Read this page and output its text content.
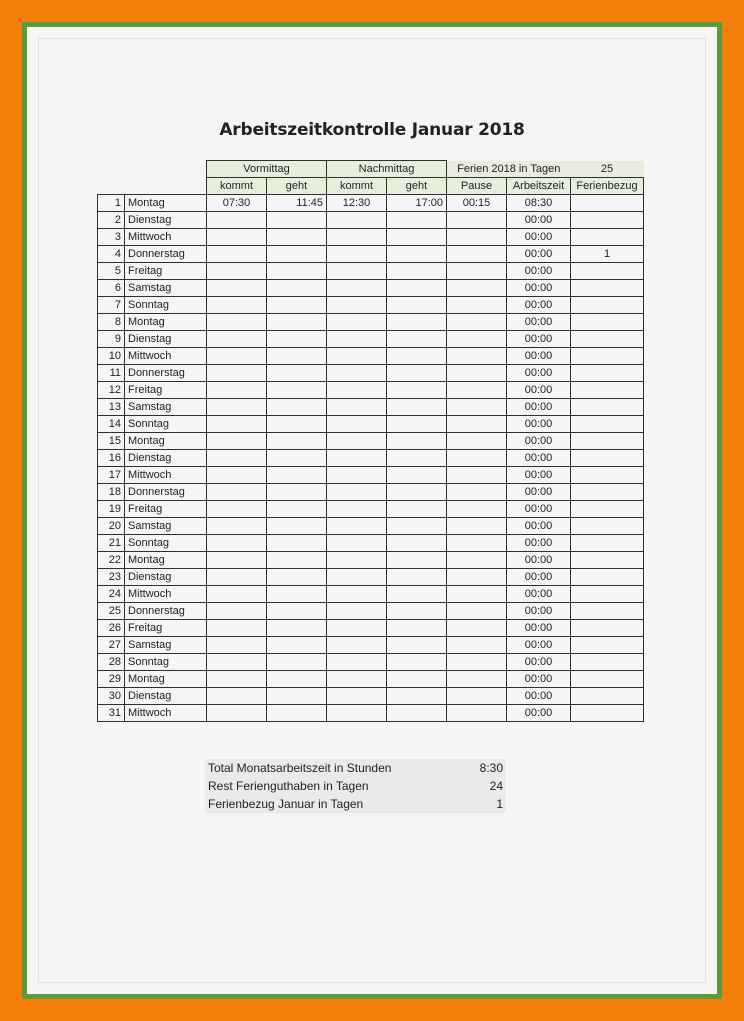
Arbeitszeitkontrolle Januar 2018
		Vormittag		Nachmittag		Ferien 2018 in Tagen		25
		kommt	geht	kommt	geht	Pause	Arbeitszeit	Ferienbezug
1	Montag	07:30	11:45	12:30	17:00	00:15	08:30	
2	Dienstag						00:00	
3	Mittwoch						00:00	
4	Donnerstag						00:00	1
5	Freitag						00:00	
6	Samstag						00:00	
7	Sonntag						00:00	
8	Montag						00:00	
9	Dienstag						00:00	
10	Mittwoch						00:00	
11	Donnerstag						00:00	
12	Freitag						00:00	
13	Samstag						00:00	
14	Sonntag						00:00	
15	Montag						00:00	
16	Dienstag						00:00	
17	Mittwoch						00:00	
18	Donnerstag						00:00	
19	Freitag						00:00	
20	Samstag						00:00	
21	Sonntag						00:00	
22	Montag						00:00	
23	Dienstag						00:00	
24	Mittwoch						00:00	
25	Donnerstag						00:00	
26	Freitag						00:00	
27	Samstag						00:00	
28	Sonntag						00:00	
29	Montag						00:00	
30	Dienstag						00:00	
31	Mittwoch						00:00	
Total Monatsarbeitszeit in Stunden	8:30
Rest Ferienguthaben in Tagen	24
Ferienbezug Januar in Tagen	1
